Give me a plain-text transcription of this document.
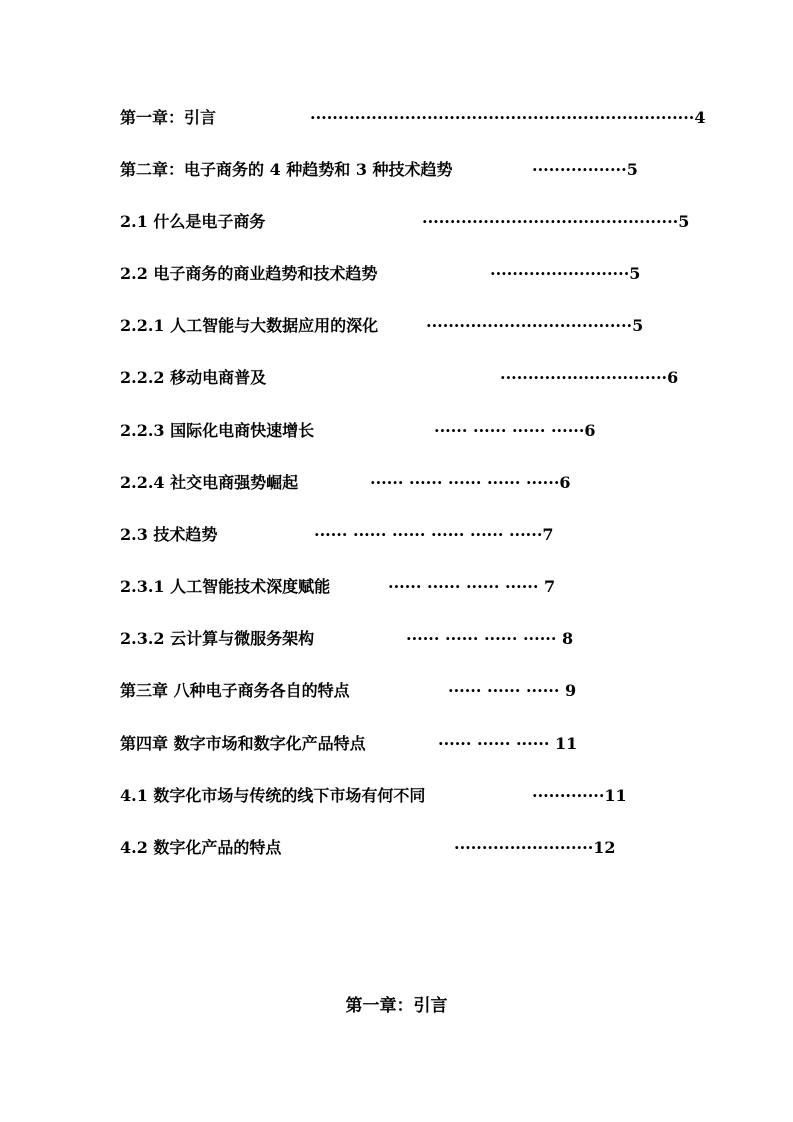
第一章：引言	·····································································4
第二章：电子商务的 4 种趋势和 3 种技术趋势	·················5
2.1 什么是电子商务	··············································5
2.2 电子商务的商业趋势和技术趋势	·························5
2.2.1 人工智能与大数据应用的深化	·····································5
2.2.2 移动电商普及	······························6
2.2.3 国际化电商快速增长	······ ······ ······ ······6
2.2.4 社交电商强势崛起	······ ······ ······ ······ ······6
2.3 技术趋势	······ ······ ······ ······ ······ ······7
2.3.1 人工智能技术深度赋能	······ ······ ······ ······ 7
2.3.2 云计算与微服务架构	······ ······ ······ ······ 8
第三章 八种电子商务各自的特点	······ ······ ······ 9
第四章 数字市场和数字化产品特点	······ ······ ······ 11
4.1 数字化市场与传统的线下市场有何不同	·············11
4.2 数字化产品的特点	·························12
第一章：引言
